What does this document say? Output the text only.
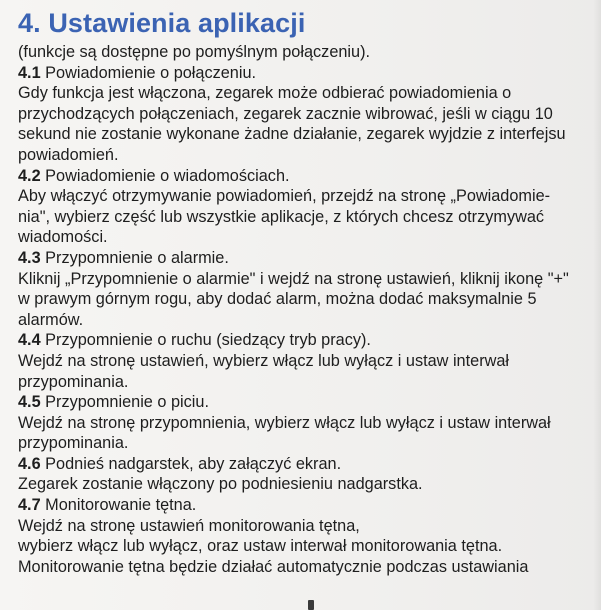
4. Ustawienia aplikacji

(funkcje są dostępne po pomyślnym połączeniu).

4.1 Powiadomienie o połączeniu.

Gdy funkcja jest włączona, zegarek może odbierać powiadomienia o
przychodzących połączeniach, zegarek zacznie wibrować, jeśli w ciągu 10
sekund nie zostanie wykonane żadne działanie, zegarek wyjdzie z interfejsu
powiadomień.

4.2 Powiadomienie o wiadomościach.

Aby włączyć otrzymywanie powiadomień, przejdź na stronę „Powiadomie-
nia", wybierz część lub wszystkie aplikacje, z których chcesz otrzymywać
wiadomości.

4.3 Przypomnienie o alarmie.

Kliknij „Przypomnienie o alarmie" i wejdź na stronę ustawień, kliknij ikonę "+"
w prawym górnym rogu, aby dodać alarm, można dodać maksymalnie 5
alarmów.

4.4 Przypomnienie o ruchu (siedzący tryb pracy).

Wejdź na stronę ustawień, wybierz włącz lub wyłącz i ustaw interwał
przypominania.

4.5 Przypomnienie o piciu.

Wejdź na stronę przypomnienia, wybierz włącz lub wyłącz i ustaw interwał
przypominania.

4.6 Podnieś nadgarstek, aby załączyć ekran.

Zegarek zostanie włączony po podniesieniu nadgarstka.

4.7 Monitorowanie tętna.

Wejdź na stronę ustawień monitorowania tętna,
wybierz włącz lub wyłącz, oraz ustaw interwał monitorowania tętna.
Monitorowanie tętna będzie działać automatycznie podczas ustawiania
